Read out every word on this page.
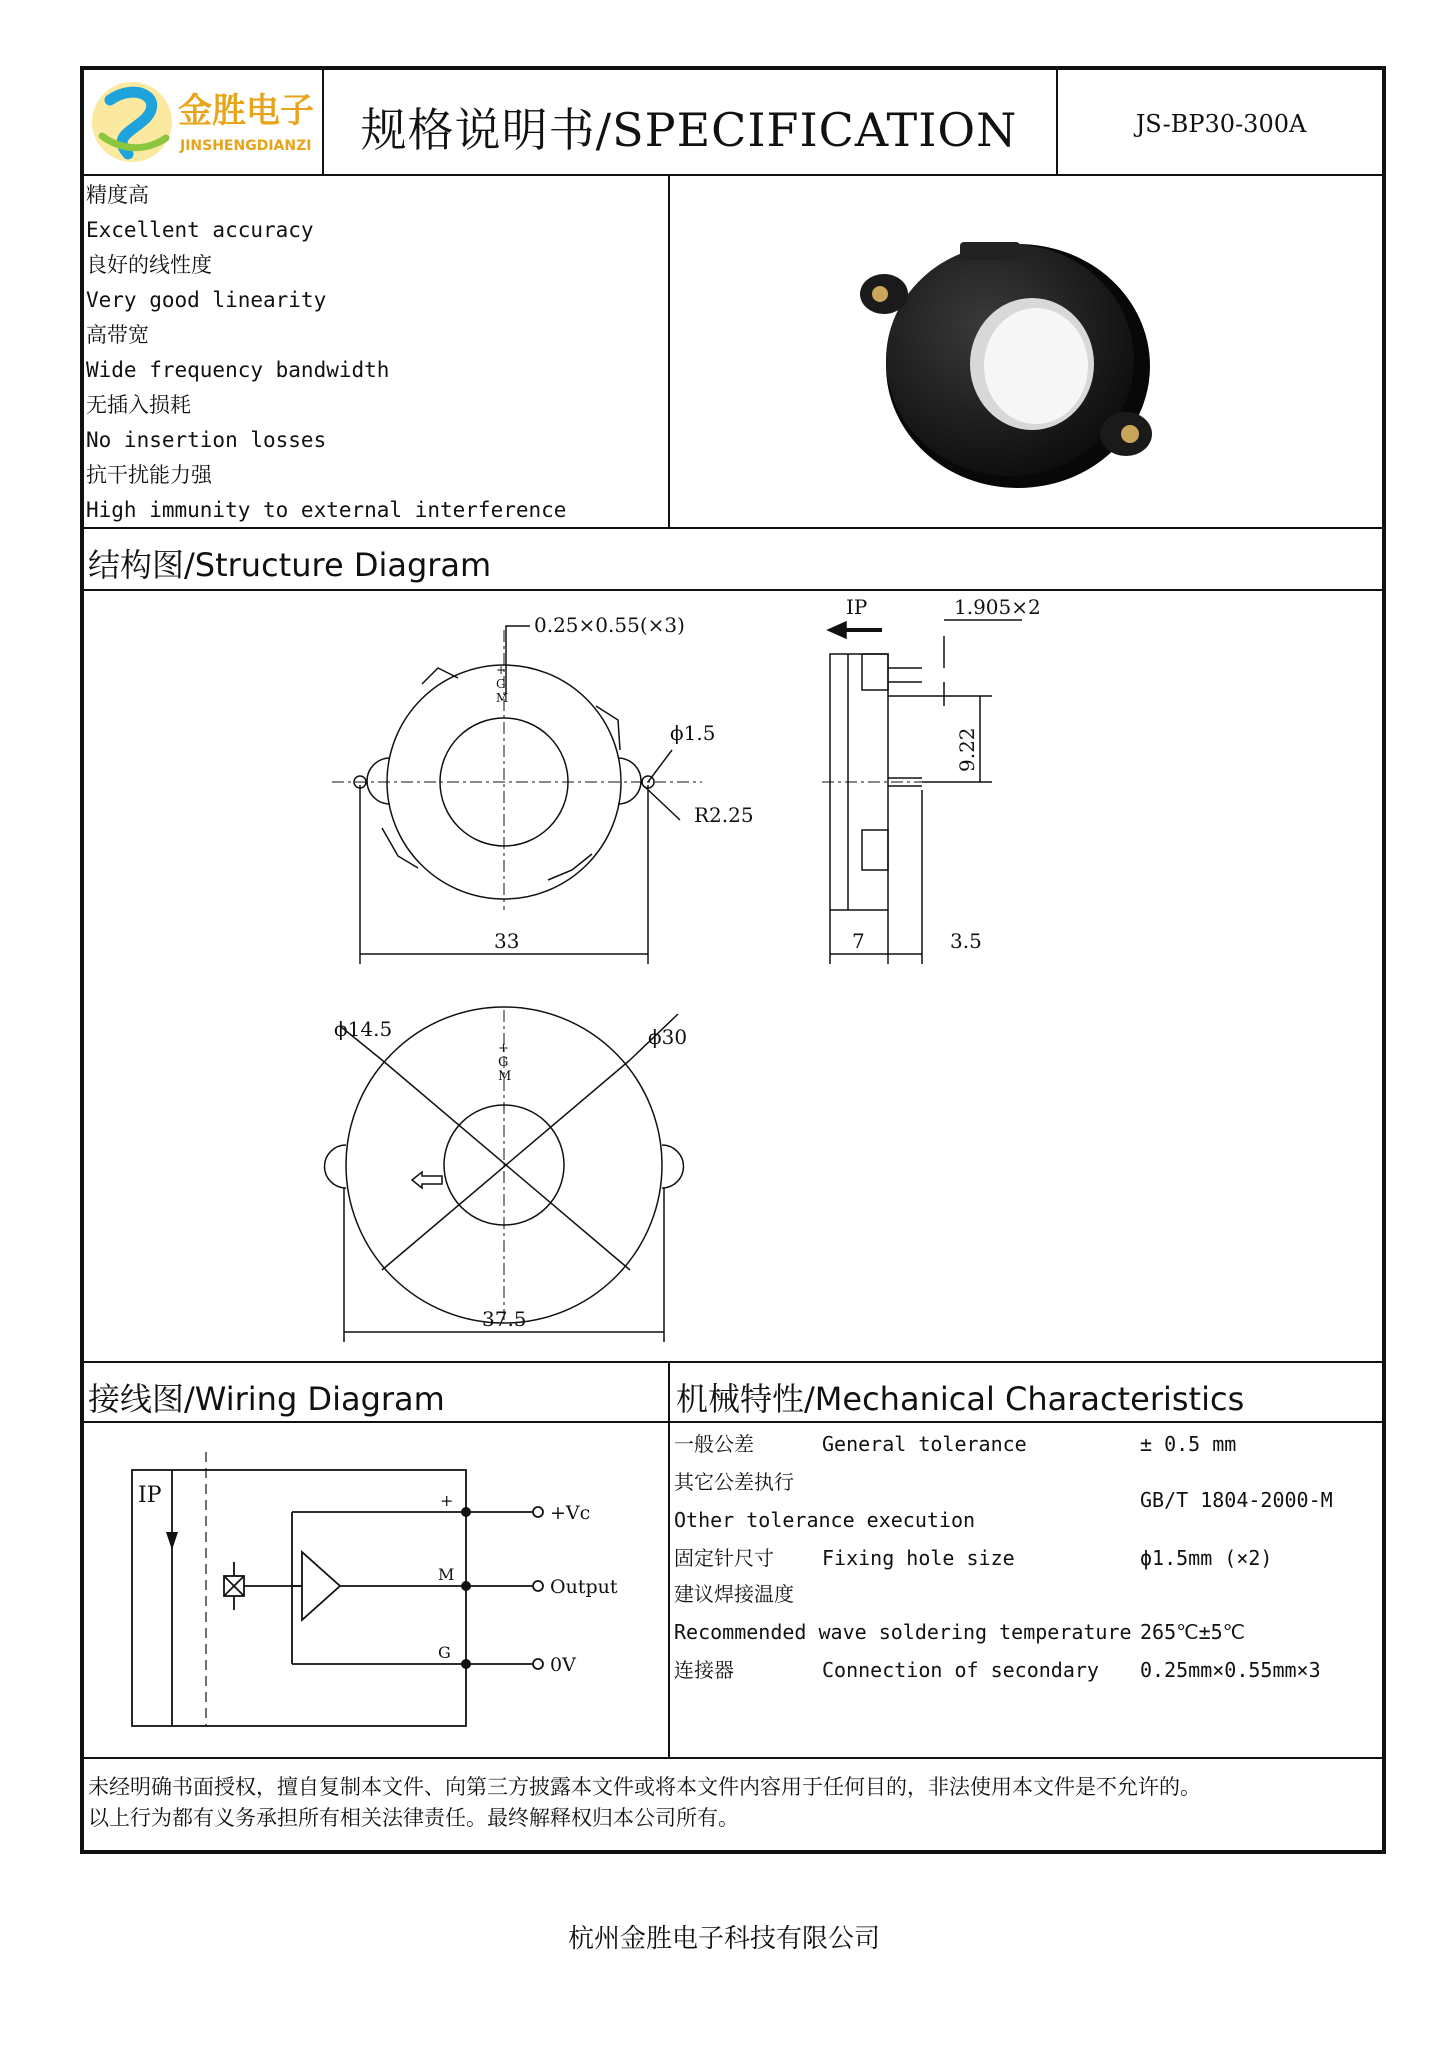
金胜电子
JINSHENGDIANZI	规格说明书/SPECIFICATION	JS-BP30-300A
精度高
Excellent accuracy
良好的线性度
Very good linearity
高带宽
Wide frequency bandwidth
无插入损耗
No insertion losses
抗干扰能力强
High immunity to external interference
结构图/Structure Diagram
0.25×0.55(×3)
+
G
M
ϕ1.5
R2.25
33
IP	1.905×2
9.22
7	3.5
ϕ14.5	ϕ30
37.5
+
G
M
接线图/Wiring Diagram
IP	+
M
G
+Vc
Output
0V
机械特性/Mechanical Characteristics
一般公差	General tolerance	± 0.5 mm
其它公差执行
Other tolerance execution
GB/T 1804-2000-M
固定针尺寸 Fixing hole size	ϕ1.5mm (×2)
建议焊接温度
Recommended wave soldering temperature 265℃±5℃
连接器	Connection of secondary 0.25mm×0.55mm×3
未经明确书面授权，擅自复制本文件、向第三方披露本文件或将本文件内容用于任何目的，非法使用本文件是不允许的。
以上行为都有义务承担所有相关法律责任。最终解释权归本公司所有。
杭州金胜电子科技有限公司
